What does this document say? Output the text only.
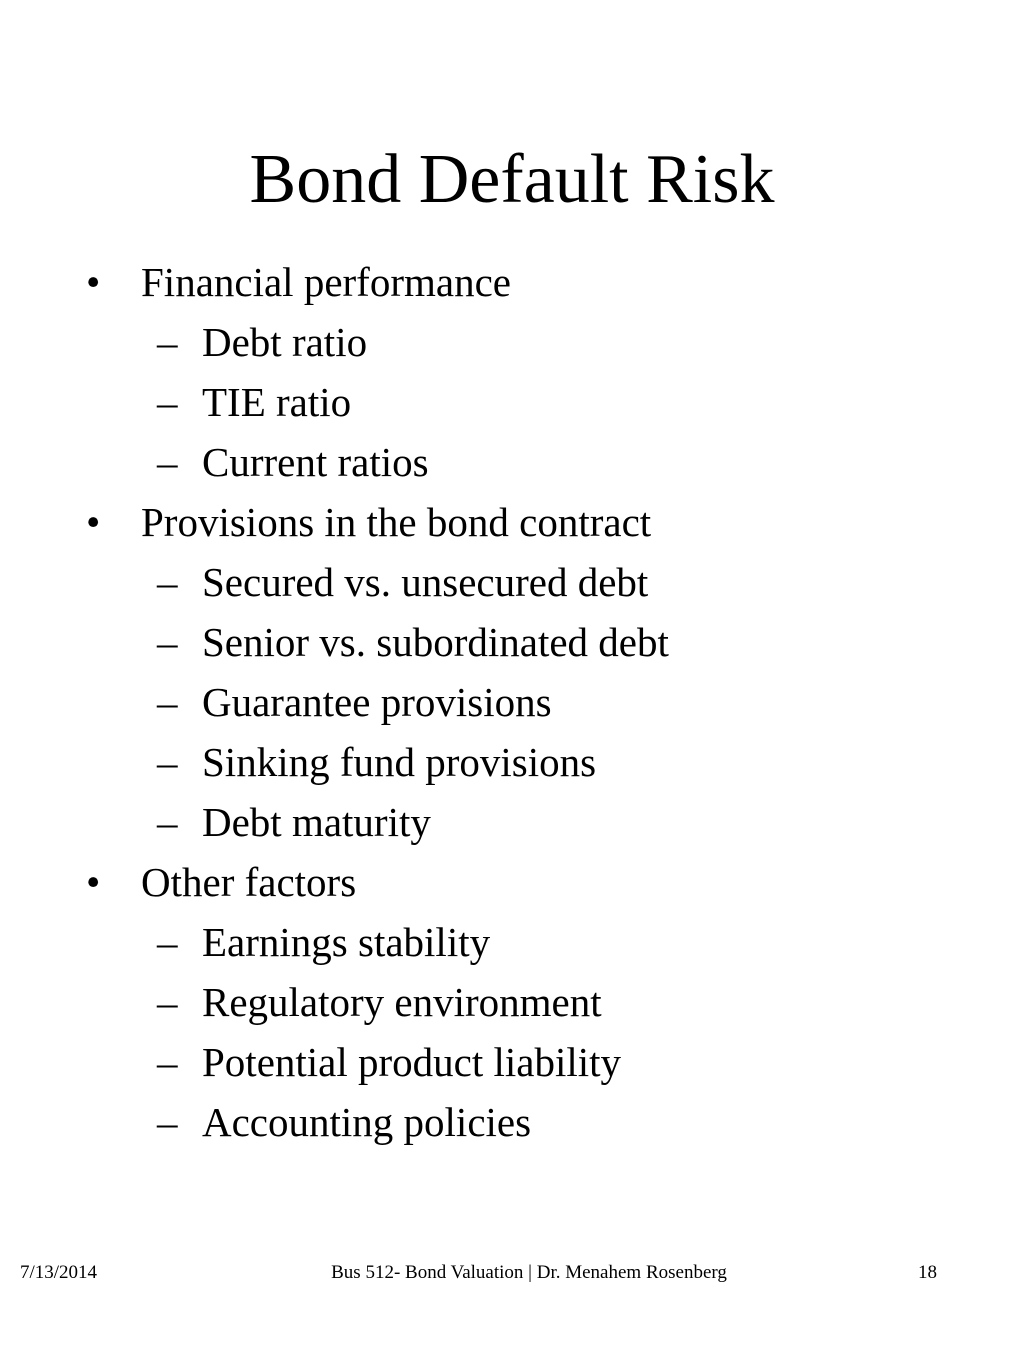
Bond Default Risk
• Financial performance
– Debt ratio
– TIE ratio
– Current ratios
• Provisions in the bond contract
– Secured vs. unsecured debt
– Senior vs. subordinated debt
– Guarantee provisions
– Sinking fund provisions
– Debt maturity
• Other factors
– Earnings stability
– Regulatory environment
– Potential product liability
– Accounting policies
7/13/2014	Bus 512- Bond Valuation | Dr. Menahem Rosenberg	18
